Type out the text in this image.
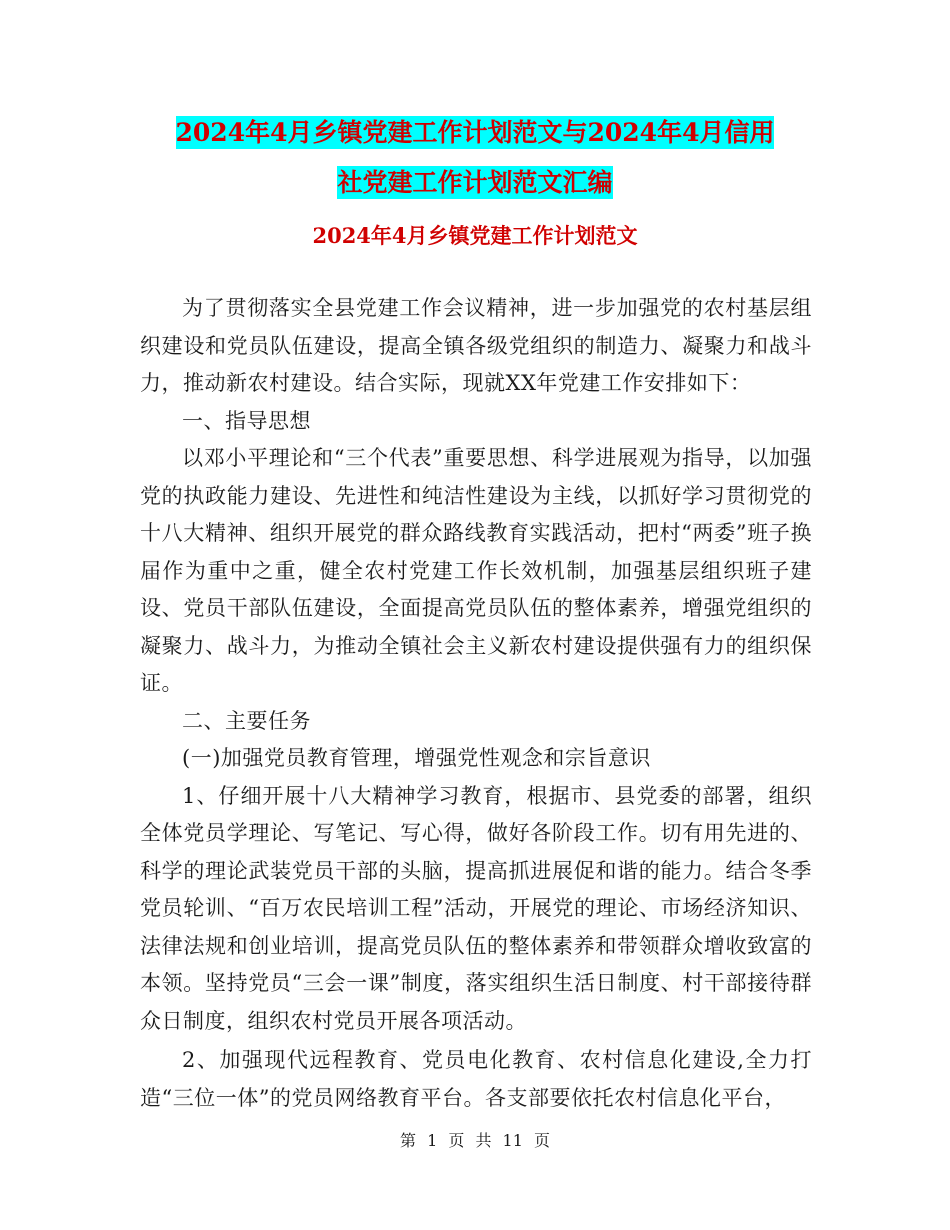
2024年4月乡镇党建工作计划范文与2024年4月信用
社党建工作计划范文汇编
2024年4月乡镇党建工作计划范文

为了贯彻落实全县党建工作会议精神，进一步加强党的农村基层组织建设和党员队伍建设，提高全镇各级党组织的制造力、凝聚力和战斗力，推动新农村建设。结合实际，现就XX年党建工作安排如下：

一、指导思想

以邓小平理论和“三个代表”重要思想、科学进展观为指导，以加强党的执政能力建设、先进性和纯洁性建设为主线，以抓好学习贯彻党的十八大精神、组织开展党的群众路线教育实践活动，把村“两委”班子换届作为重中之重，健全农村党建工作长效机制，加强基层组织班子建设、党员干部队伍建设，全面提高党员队伍的整体素养，增强党组织的凝聚力、战斗力，为推动全镇社会主义新农村建设提供强有力的组织保证。

二、主要任务

(一)加强党员教育管理，增强党性观念和宗旨意识

1、仔细开展十八大精神学习教育，根据市、县党委的部署，组织全体党员学理论、写笔记、写心得，做好各阶段工作。切有用先进的、科学的理论武装党员干部的头脑，提高抓进展促和谐的能力。结合冬季党员轮训、“百万农民培训工程”活动，开展党的理论、市场经济知识、法律法规和创业培训，提高党员队伍的整体素养和带领群众增收致富的本领。坚持党员“三会一课”制度，落实组织生活日制度、村干部接待群众日制度，组织农村党员开展各项活动。

2、加强现代远程教育、党员电化教育、农村信息化建设,全力打造“三位一体”的党员网络教育平台。各支部要依托农村信息化平台，

第 1 页 共 11 页
